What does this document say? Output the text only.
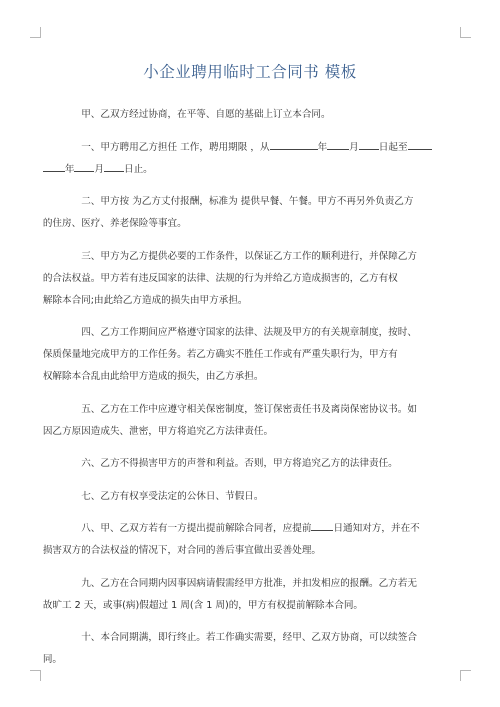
小企业聘用临时工合同书 模板
甲、乙双方经过协商，在平等、自愿的基础上订立本合同。
一、甲方聘用乙方担任 工作，聘用期限 ，从	年 月 日起至
年 月 日止。
二、甲方按 为乙方丈付报酬，标准为 提供早餐、午餐。甲方不再另外负责乙方
的住房、医疗、养老保险等事宜。
三、甲方为乙方提供必要的工作条件，以保证乙方工作的顺利进行，并保障乙方
的合法权益。甲方若有违反国家的法律、法规的行为并给乙方造成损害的，乙方有权
解除本合同;由此给乙方造成的损失由甲方承担。
四、乙方工作期间应严格遵守国家的法律、法规及甲方的有关规章制度，按时、
保质保量地完成甲方的工作任务。若乙方确实不胜任工作或有严重失职行为，甲方有
权解除本合乱由此给甲方造成的损失，由乙方承担。
五、乙方在工作中应遵守相关保密制度，签订保密责任书及离岗保密协议书。如
因乙方原因造成失、泄密，甲方将追究乙方法律责任。
六、乙方不得损害甲方的声誉和利益。否则，甲方将追究乙方的法律责任。
七、乙方有权享受法定的公休日、节假日。
八、甲、乙双方若有一方提出提前解除合同者，应提前 日通知对方，并在不
损害双方的合法权益的情况下，对合同的善后事宜做出妥善处理。
九、乙方在合同期内因事因病请假需经甲方批准，并扣发相应的报酬。乙方若无
故旷工 2 天，或事(病)假超过 1 周(含 1 周)的，甲方有权提前解除本合同。
十、本合同期满，即行终止。若工作确实需要，经甲、乙双方协商，可以续签合
同。
